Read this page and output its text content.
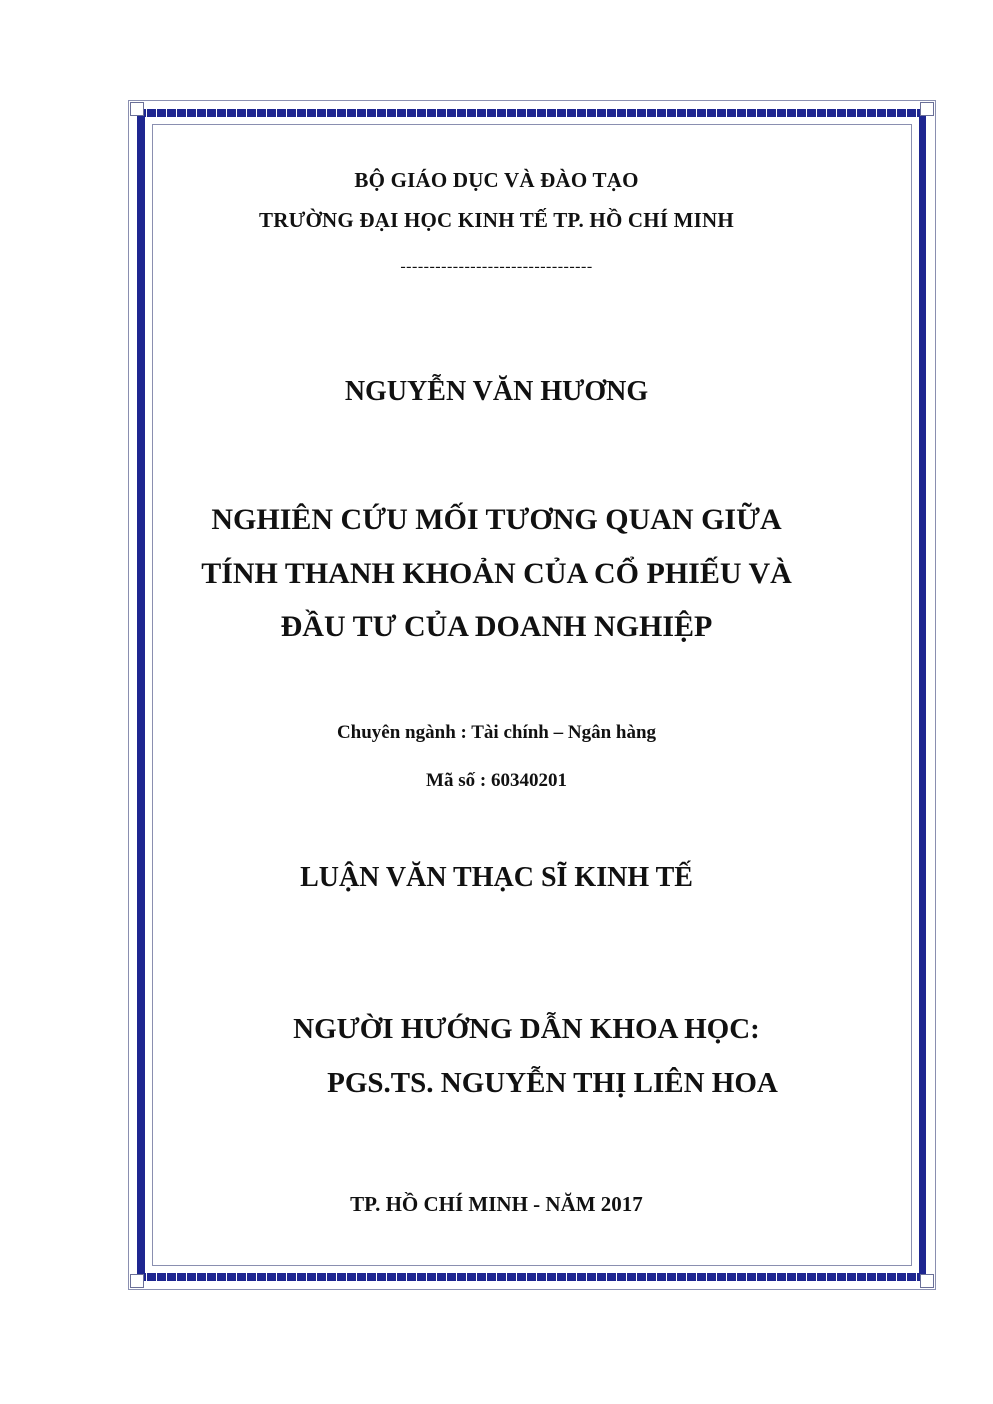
BỘ GIÁO DỤC VÀ ĐÀO TẠO
TRƯỜNG ĐẠI HỌC KINH TẾ TP. HỒ CHÍ MINH
---------------------------------
NGUYỄN VĂN HƯƠNG
NGHIÊN CỨU MỐI TƯƠNG QUAN GIỮA
TÍNH THANH KHOẢN CỦA CỔ PHIẾU VÀ
ĐẦU TƯ CỦA DOANH NGHIỆP
Chuyên ngành : Tài chính – Ngân hàng
Mã số : 60340201
LUẬN VĂN THẠC SĨ KINH TẾ
NGƯỜI HƯỚNG DẪN KHOA HỌC:
PGS.TS. NGUYỄN THỊ LIÊN HOA
TP. HỒ CHÍ MINH - NĂM 2017
